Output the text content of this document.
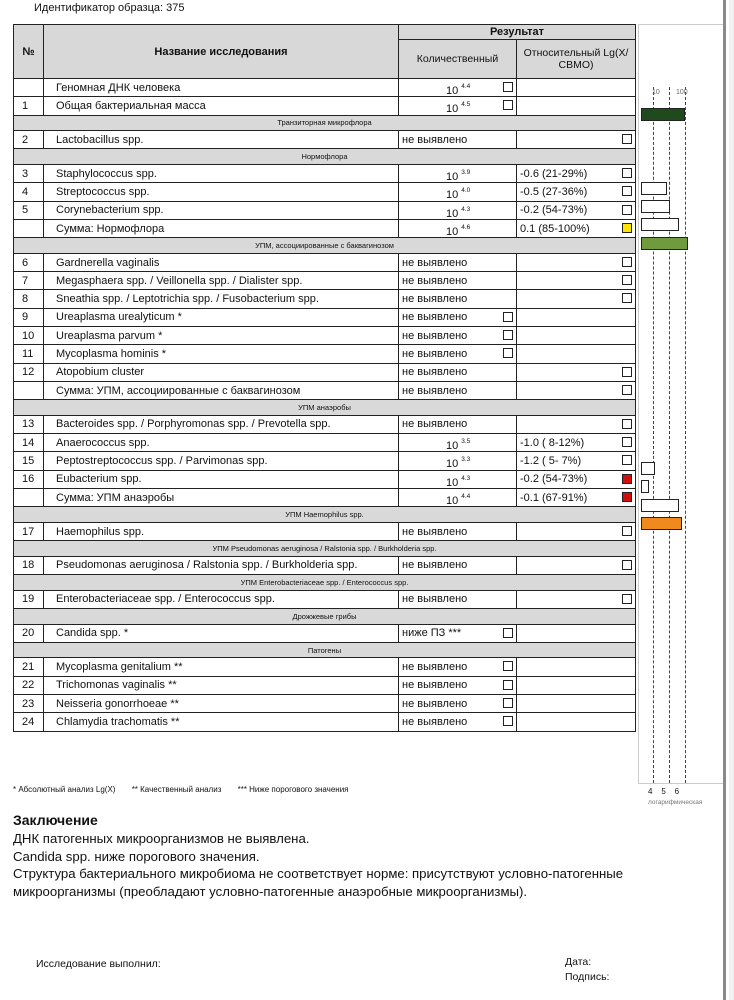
Идентификатор образца: 375
№	Название исследования	Результат	
		Количественный	Относительный Lg(X/СВМО)
	Геномная ДНК человека	10 $^{4.4}$

1	Общая бактериальная масса	10 $^{4.5}$

Транзиторная микрофлора			
2	Lactobacillus spp.	не выявлено	

Нормофлора			
3	Staphylococcus spp.	10 $^{3.9}$	-0.6 (21-29%)

4	Streptococcus spp.	10 $^{4.0}$	-0.5 (27-36%)

5	Corynebacterium spp.	10 $^{4.3}$	-0.2 (54-73%)

	Сумма: Нормофлора	10 $^{4.6}$	0.1 (85-100%)

УПМ, ассоциированные с баквагинозом			
6	Gardnerella vaginalis	не выявлено	

7	Megasphaera spp. / Veillonella spp. / Dialister spp.	не выявлено	

8	Sneathia spp. / Leptotrichia spp. / Fusobacterium spp.	не выявлено	

9	Ureaplasma urealyticum *	не выявлено

10	Ureaplasma parvum *	не выявлено

11	Mycoplasma hominis *	не выявлено

12	Atopobium cluster	не выявлено	

	Сумма: УПМ, ассоциированные с баквагинозом	не выявлено	

УПМ анаэробы			
13	Bacteroides spp. / Porphyromonas spp. / Prevotella spp.	не выявлено	

14	Anaerococcus spp.	10 $^{3.5}$	-1.0 ( 8-12%)

15	Peptostreptococcus spp. / Parvimonas spp.	10 $^{3.3}$	-1.2 ( 5- 7%)

16	Eubacterium spp.	10 $^{4.3}$	-0.2 (54-73%)

	Сумма: УПМ анаэробы	10 $^{4.4}$	-0.1 (67-91%)

УПМ Haemophilus spp.			
17	Haemophilus spp.	не выявлено	

УПМ Pseudomonas aeruginosa / Ralstonia spp. / Burkholderia spp.			
18	Pseudomonas aeruginosa / Ralstonia spp. / Burkholderia spp.	не выявлено	

УПМ Enterobacteriaceae spp. / Enterococcus spp.			
19	Enterobacteriaceae spp. / Enterococcus spp.	не выявлено	

Дрожжевые грибы			
20	Candida spp. *	ниже ПЗ ***

Патогены			
21	Mycoplasma genitalium **	не выявлено

22	Trichomonas vaginalis **	не выявлено

23	Neisseria gonorrhoeae **	не выявлено

24	Chlamydia trachomatis **	не выявлено

10 100
4    5    6
логарифмическая
* Абсолютный анализ Lg(X) ** Качественный анализ *** Ниже порогового значения
Заключение

ДНК патогенных микроорганизмов не выявлена.

Candida spp. ниже порогового значения.

Структура бактериального микробиома не соответствует норме: присутствуют условно-патогенные

микроорганизмы (преобладают условно-патогенные анаэробные микроорганизмы).

Исследование выполнил:	Дата:
Подпись:
